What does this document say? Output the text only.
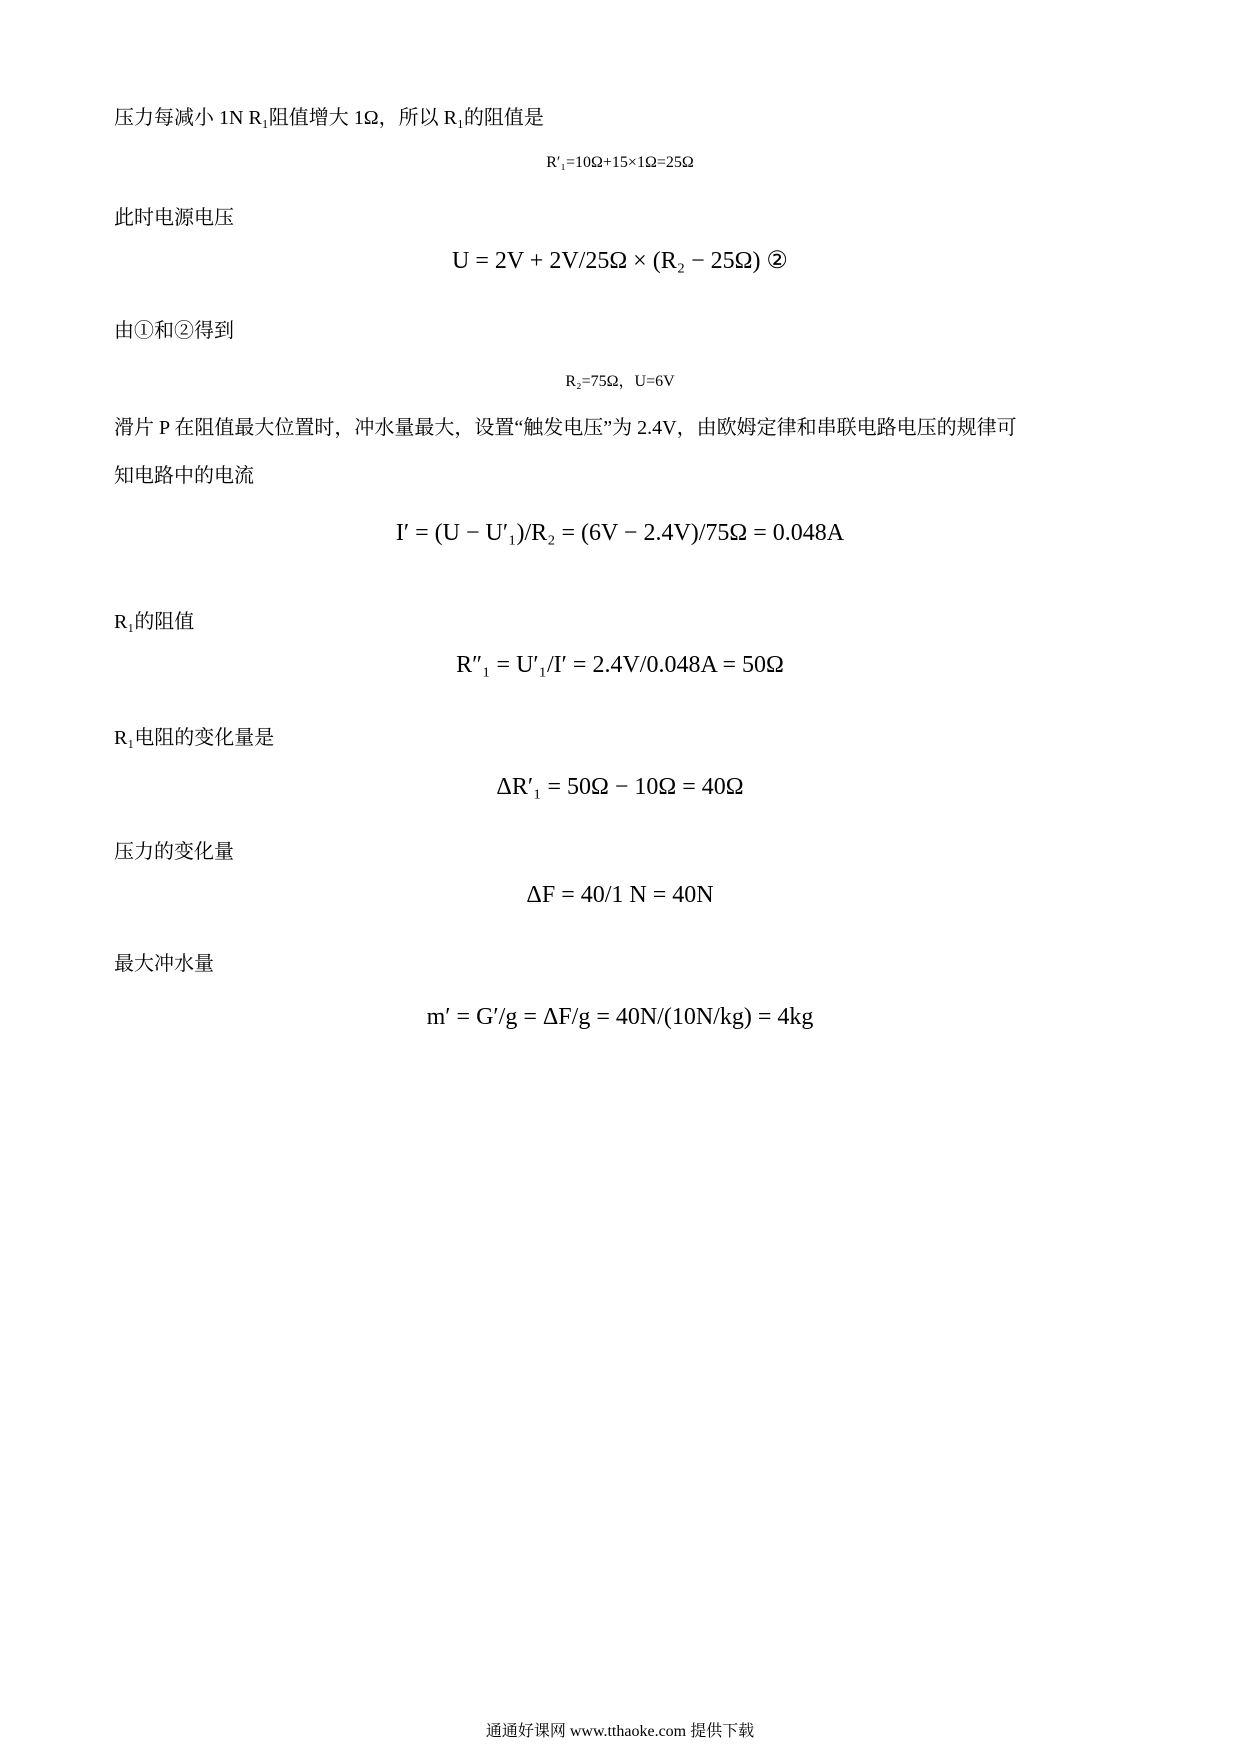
压力每减小 1N R₁阻值增大 1Ω，所以 R₁的阻值是
R′₁=10Ω+15×1Ω=25Ω
此时电源电压
U = 2V + 2V/25Ω × (R₂ − 25Ω) ②
由①和②得到
R₂=75Ω，U=6V
滑片 P 在阻值最大位置时，冲水量最大，设置“触发电压”为 2.4V，由欧姆定律和串联电路电压的规律可
知电路中的电流
I′ = (U − U′₁)/R₂ = (6V − 2.4V)/75Ω = 0.048A
R₁的阻值
R″₁ = U′₁/I′ = 2.4V/0.048A = 50Ω
R₁电阻的变化量是
ΔR′₁ = 50Ω − 10Ω = 40Ω
压力的变化量
ΔF = 40/1 N = 40N
最大冲水量
m′ = G′/g = ΔF/g = 40N/(10N/kg) = 4kg
通通好课网 www.tthaoke.com 提供下载
